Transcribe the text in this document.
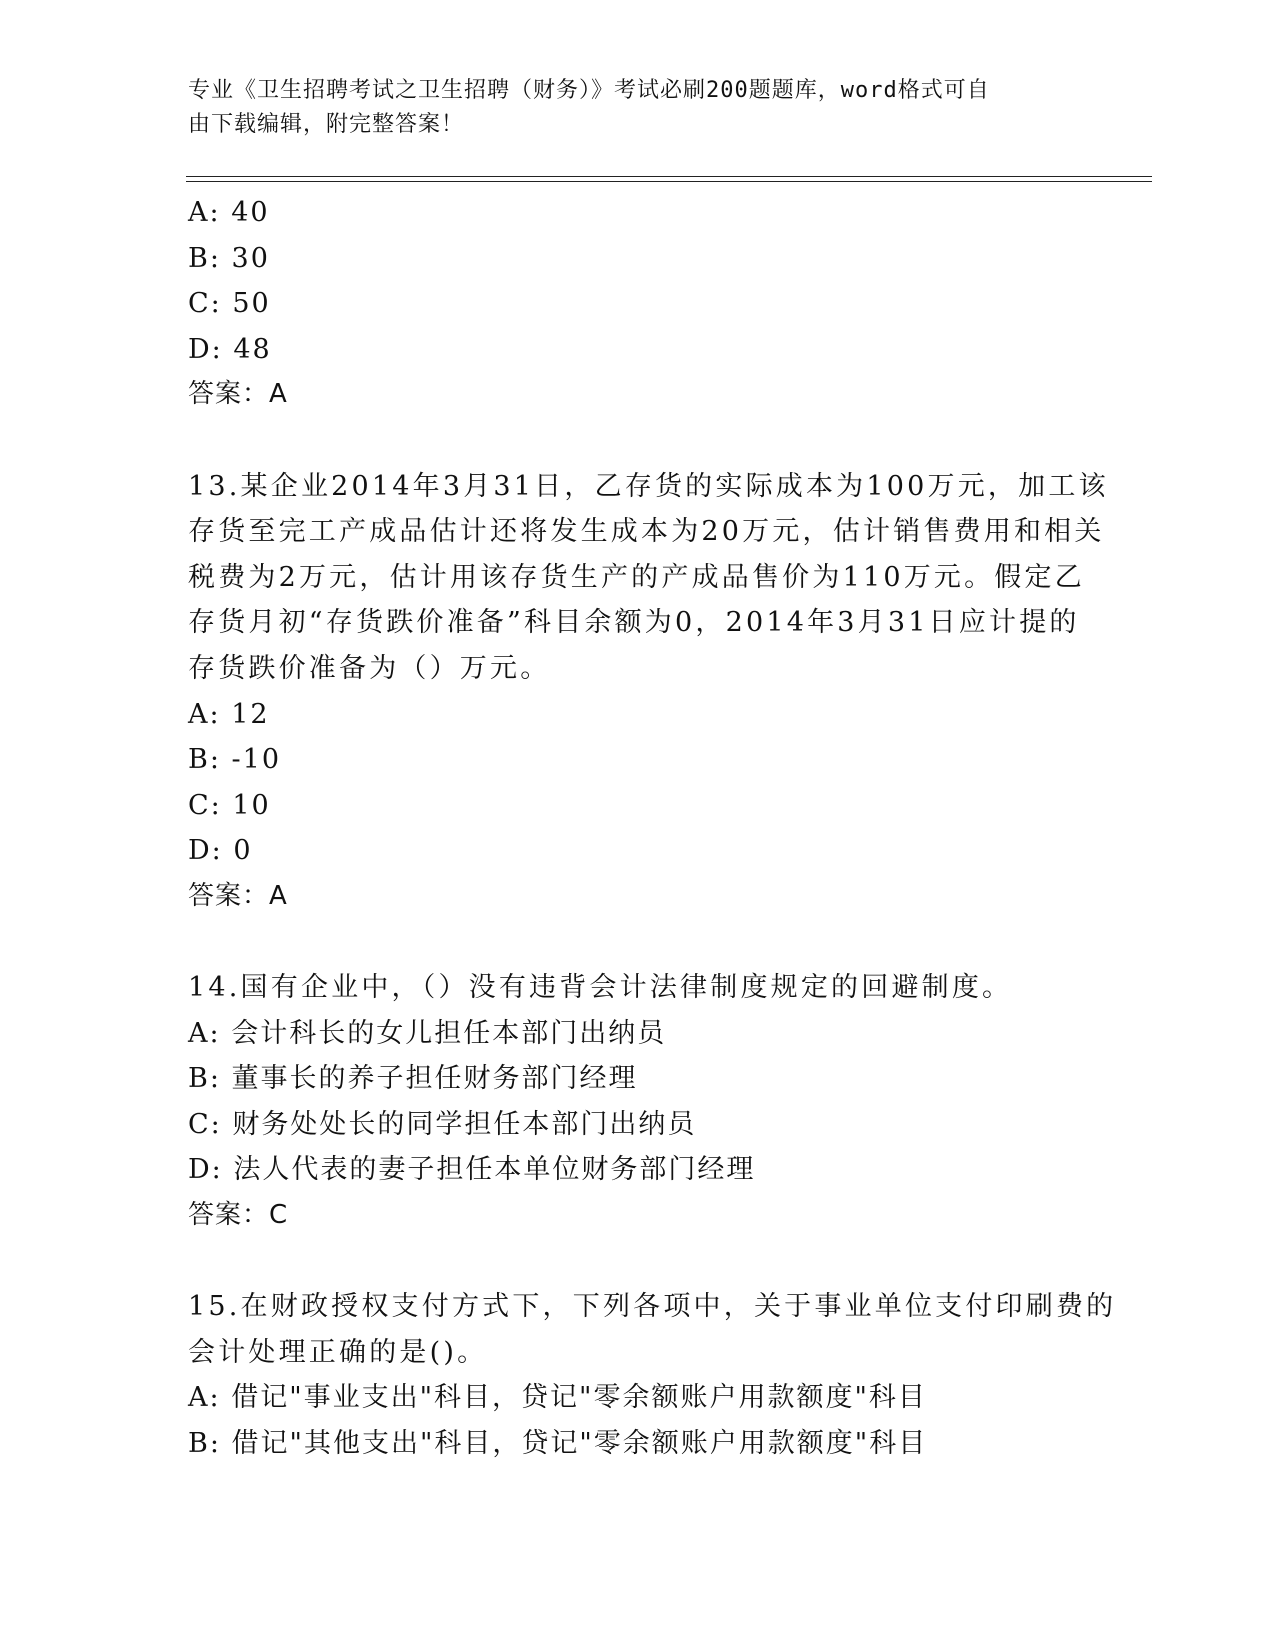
专业《卫生招聘考试之卫生招聘（财务）》考试必刷200题题库，word格式可自
由下载编辑，附完整答案！
A: 40
B: 30
C: 50
D: 48
答案：A
13.某企业2014年3月31日，乙存货的实际成本为100万元，加工该
存货至完工产成品估计还将发生成本为20万元，估计销售费用和相关
税费为2万元，估计用该存货生产的产成品售价为110万元。假定乙
存货月初“存货跌价准备”科目余额为0，2014年3月31日应计提的
存货跌价准备为（）万元。
A: 12
B: -10
C: 10
D: 0
答案：A
14.国有企业中，（）没有违背会计法律制度规定的回避制度。
A: 会计科长的女儿担任本部门出纳员
B: 董事长的养子担任财务部门经理
C: 财务处处长的同学担任本部门出纳员
D: 法人代表的妻子担任本单位财务部门经理
答案：C
15.在财政授权支付方式下，下列各项中，关于事业单位支付印刷费的
会计处理正确的是()。
A: 借记"事业支出"科目，贷记"零余额账户用款额度"科目
B: 借记"其他支出"科目，贷记"零余额账户用款额度"科目
